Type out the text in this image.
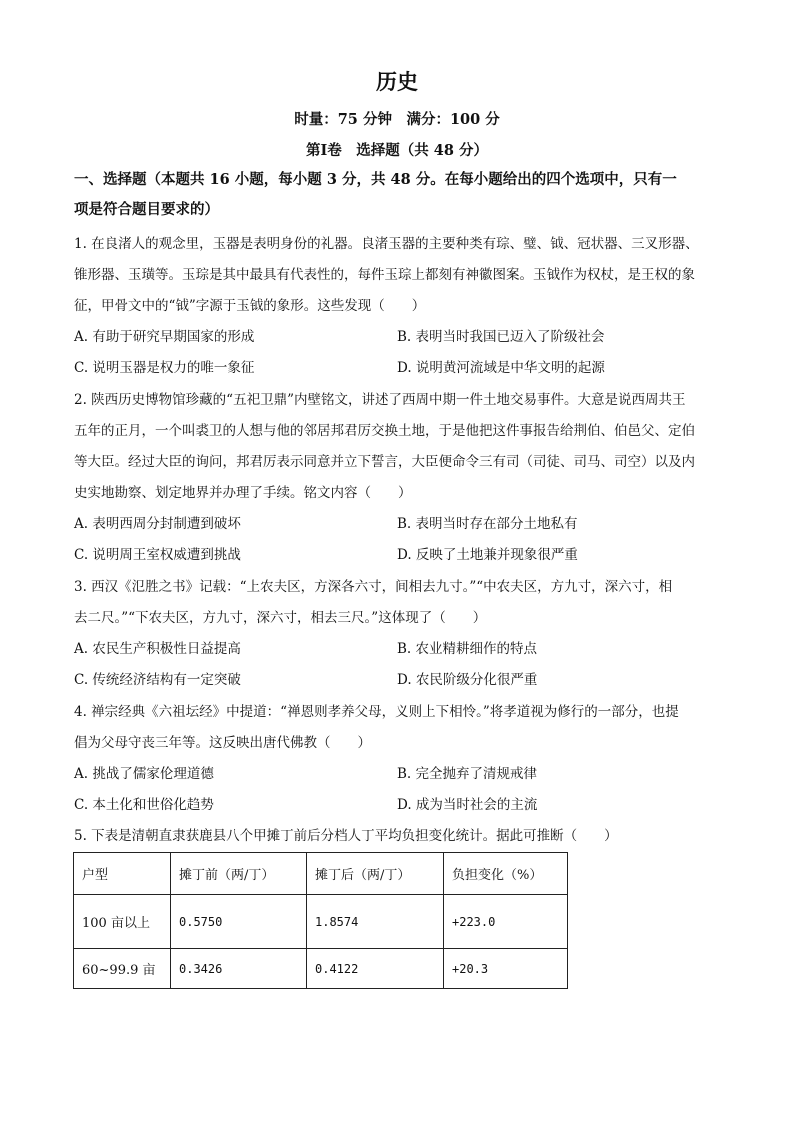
历史
时量：75 分钟　满分：100 分
第Ⅰ卷　选择题（共 48 分）
一、选择题（本题共 16 小题，每小题 3 分，共 48 分。在每小题给出的四个选项中，只有一
项是符合题目要求的）
1. 在良渚人的观念里，玉器是表明身份的礼器。良渚玉器的主要种类有琮、璧、钺、冠状器、三叉形器、
锥形器、玉璜等。玉琮是其中最具有代表性的，每件玉琮上都刻有神徽图案。玉钺作为权杖，是王权的象
征，甲骨文中的“钺”字源于玉钺的象形。这些发现（　　）
A. 有助于研究早期国家的形成	B. 表明当时我国已迈入了阶级社会
C. 说明玉器是权力的唯一象征	D. 说明黄河流域是中华文明的起源
2. 陕西历史博物馆珍藏的“五祀卫鼎”内壁铭文，讲述了西周中期一件土地交易事件。大意是说西周共王
五年的正月，一个叫裘卫的人想与他的邻居邦君厉交换土地，于是他把这件事报告给荆伯、伯邑父、定伯
等大臣。经过大臣的询问，邦君厉表示同意并立下誓言，大臣便命令三有司（司徒、司马、司空）以及内
史实地勘察、划定地界并办理了手续。铭文内容（　　）
A. 表明西周分封制遭到破坏	B. 表明当时存在部分土地私有
C. 说明周王室权威遭到挑战	D. 反映了土地兼并现象很严重
3. 西汉《氾胜之书》记载：“上农夫区，方深各六寸，间相去九寸。”“中农夫区，方九寸，深六寸，相
去二尺。”“下农夫区，方九寸，深六寸，相去三尺。”这体现了（　　）
A. 农民生产积极性日益提高	B. 农业精耕细作的特点
C. 传统经济结构有一定突破	D. 农民阶级分化很严重
4. 禅宗经典《六祖坛经》中提道：“禅恩则孝养父母，义则上下相怜。”将孝道视为修行的一部分，也提
倡为父母守丧三年等。这反映出唐代佛教（　　）
A. 挑战了儒家伦理道德	B. 完全抛弃了清规戒律
C. 本土化和世俗化趋势	D. 成为当时社会的主流
5. 下表是清朝直隶获鹿县八个甲摊丁前后分档人丁平均负担变化统计。据此可推断（　　）
户型	摊丁前（两/丁）	摊丁后（两/丁）	负担变化（%）
100 亩以上	0.5750	1.8574	+223.0
60~99.9 亩	0.3426	0.4122	+20.3
